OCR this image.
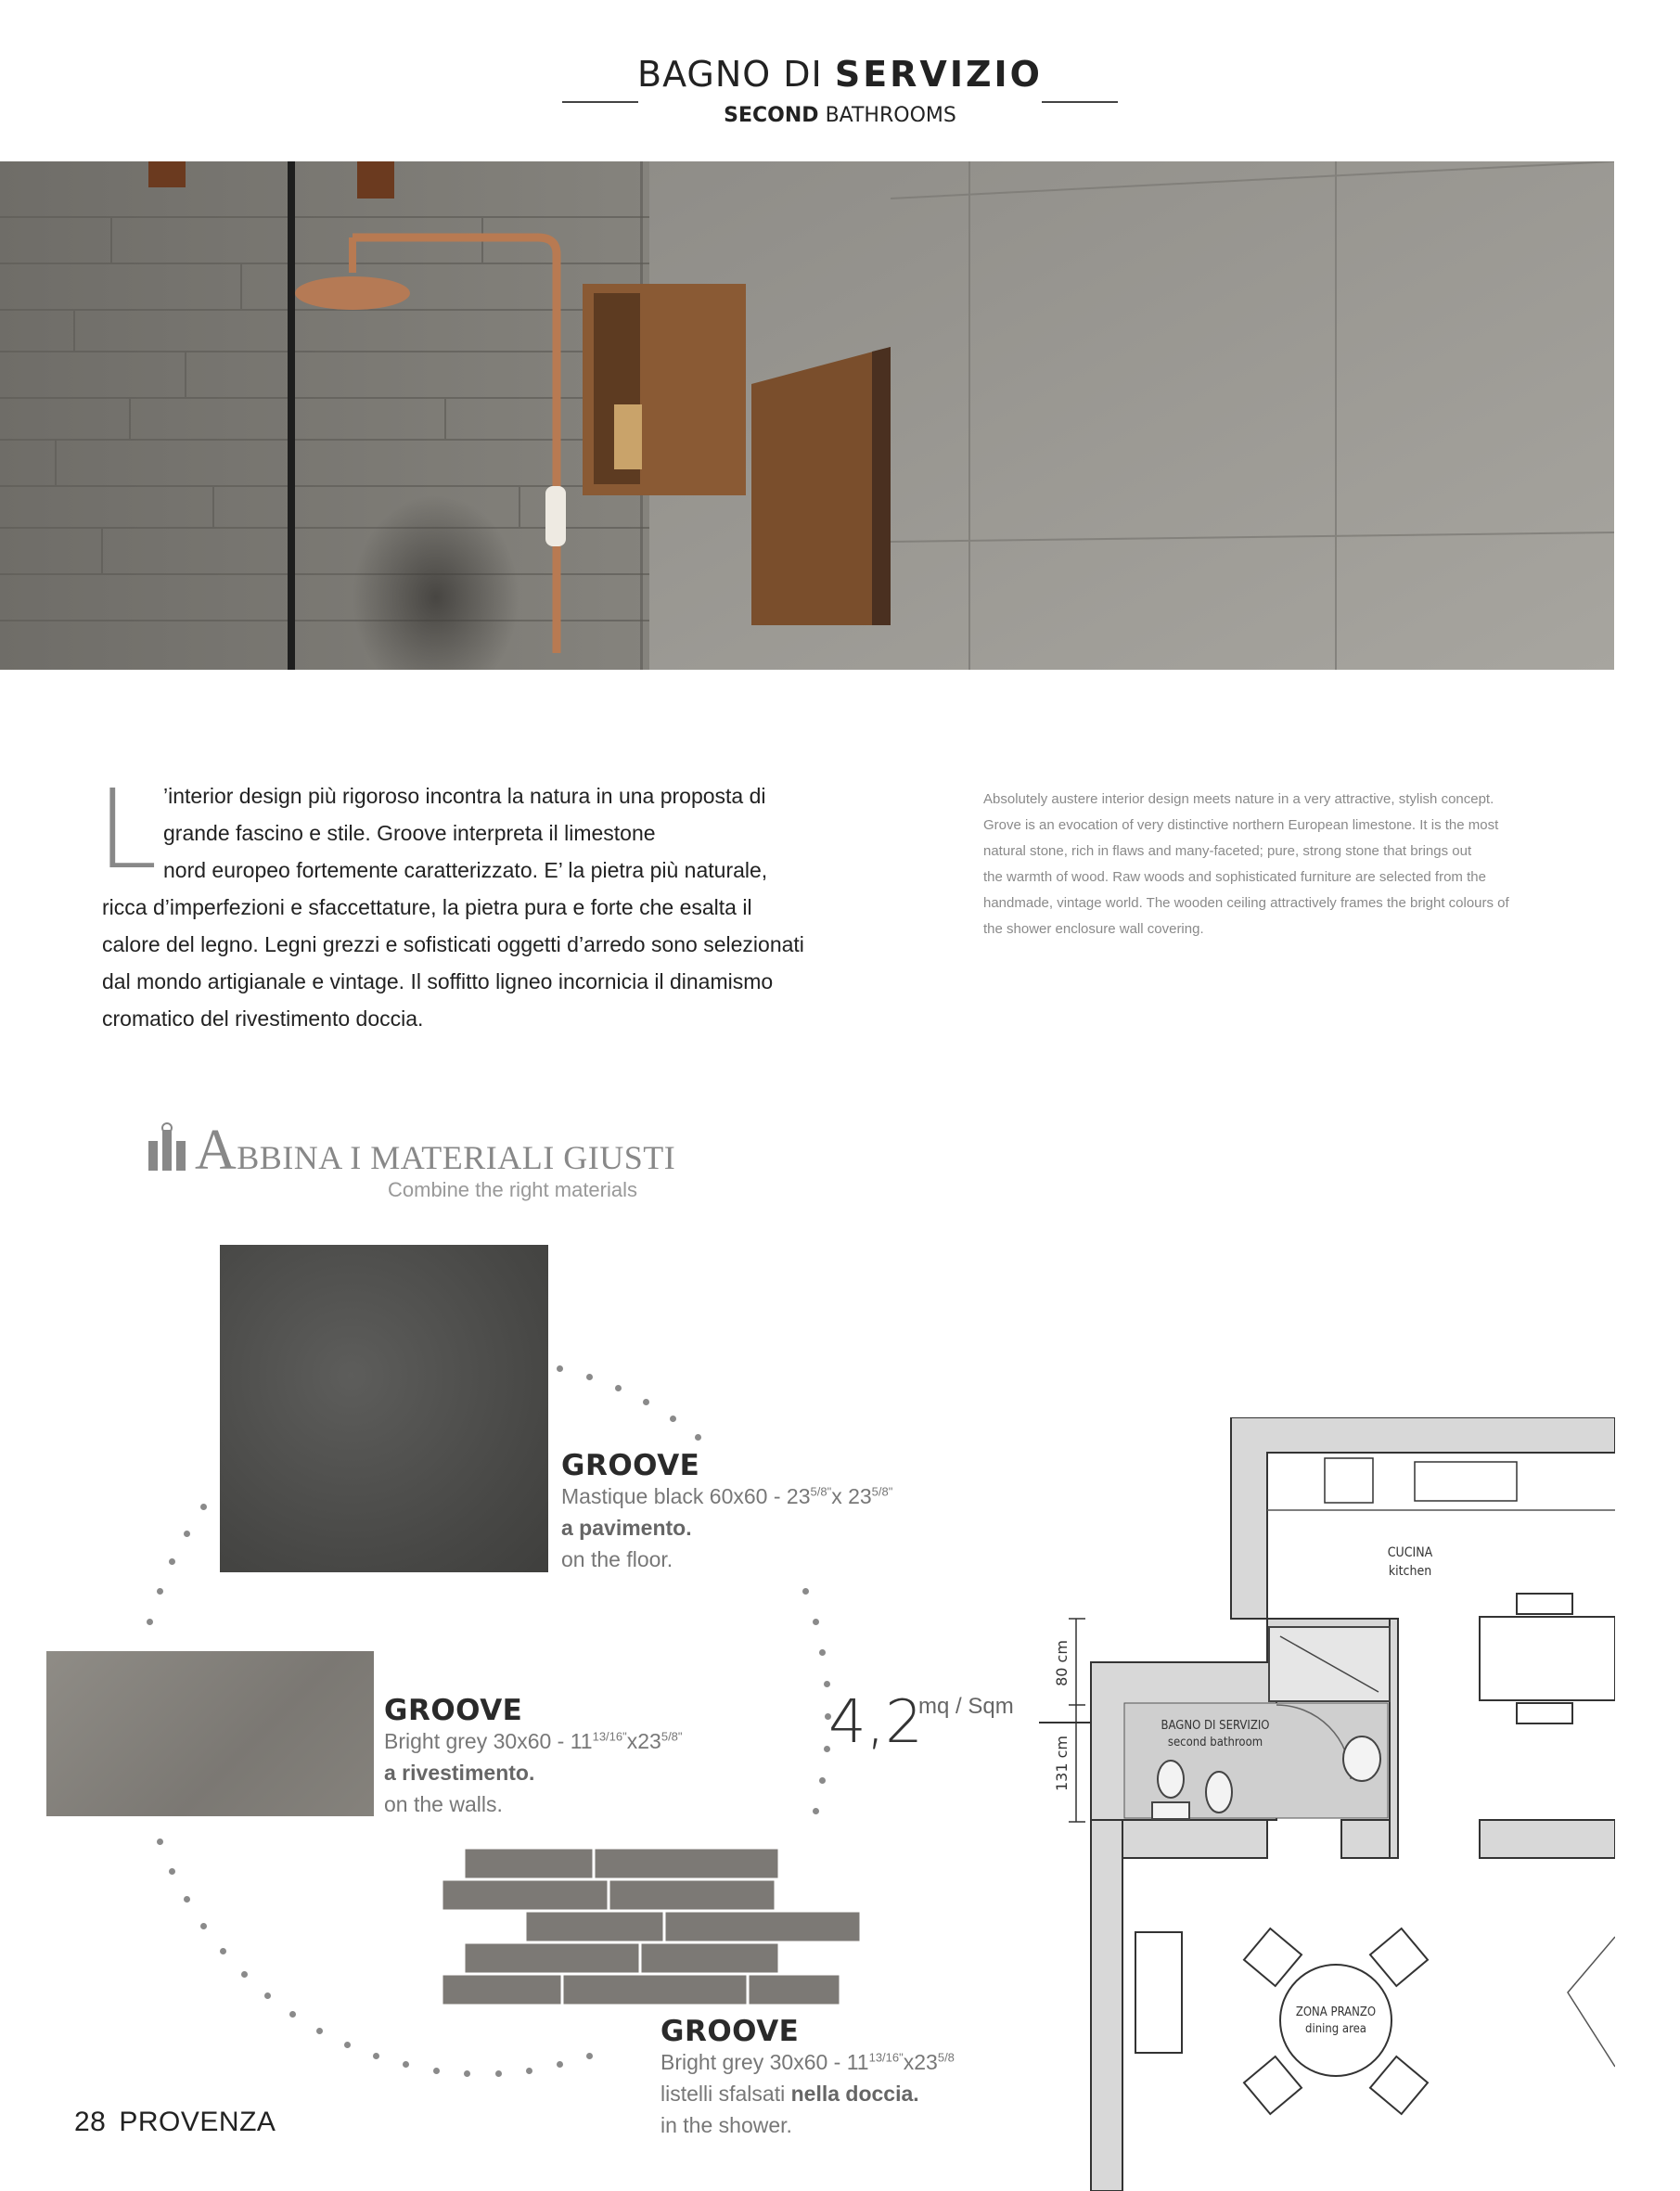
BAGNO DI SERVIZIO
SECOND BATHROOMS
L ’interior design più rigoroso incontra la natura in una proposta di
grande fascino e stile. Groove interpreta il limestone
nord europeo fortemente caratterizzato. E’ la pietra più naturale,
ricca d’imperfezioni e sfaccettature, la pietra pura e forte che esalta il
calore del legno. Legni grezzi e sofisticati oggetti d’arredo sono selezionati
dal mondo artigianale e vintage. Il soffitto ligneo incornicia il dinamismo
cromatico del rivestimento doccia.
Absolutely austere interior design meets nature in a very attractive, stylish concept.
Grove is an evocation of very distinctive northern European limestone. It is the most
natural stone, rich in flaws and many-faceted; pure, strong stone that brings out
the warmth of wood. Raw woods and sophisticated furniture are selected from the
handmade, vintage world. The wooden ceiling attractively frames the bright colours of
the shower enclosure wall covering.
ABBINA I MATERIALI GIUSTI
Combine the right materials
GROOVE
Mastique black $60x60 - 23^{5/8"}x$ $23^{5/8"}$
a pavimento.
on the floor.
GROOVE
Bright grey $30x60 - 11^{13/16"}x23^{5/8"}$
a rivestimento.
on the walls.
GROOVE
Bright grey $30x60 - 11^{13/16"}x23^{5/8}$
listelli sfalsati nella doccia.
in the shower.
4,2
mq / Sqm
CUCINA
kitchen
BAGNO DI SERVIZIO
second bathroom
ZONA PRANZO
dining area
80 cm
131 cm
28 PROVENZA
